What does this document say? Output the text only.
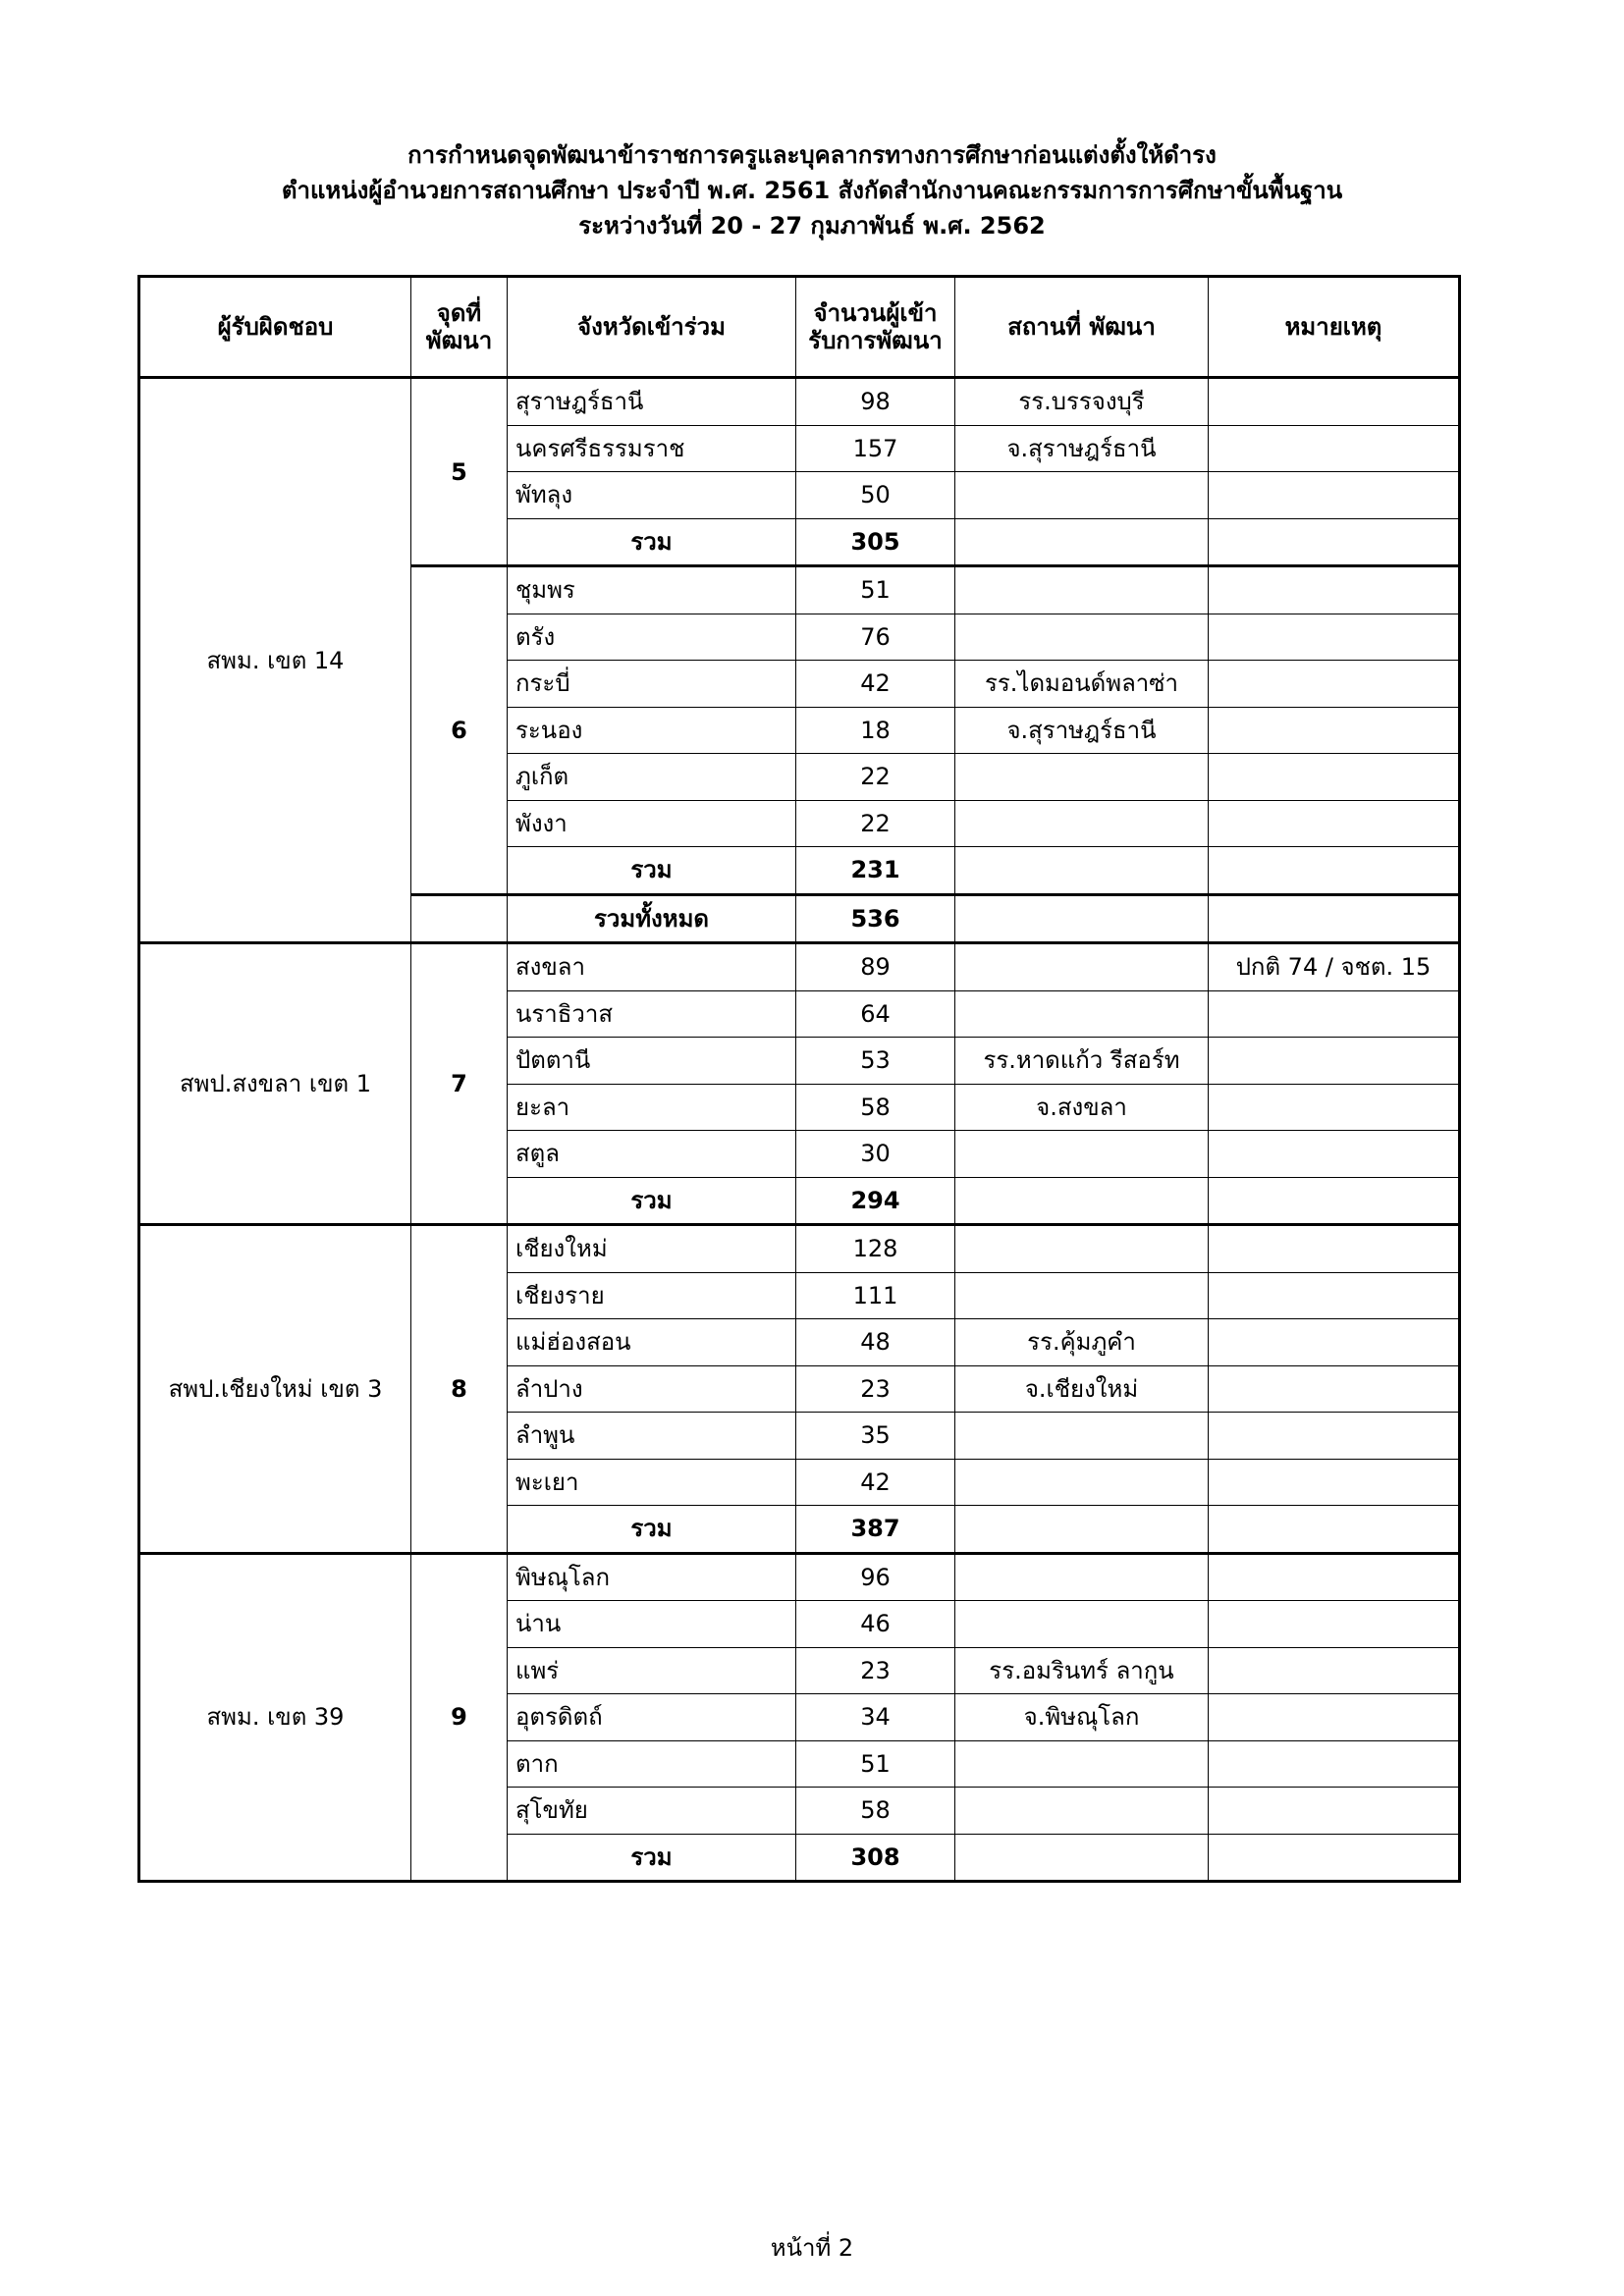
การกำหนดจุดพัฒนาข้าราชการครูและบุคลากรทางการศึกษาก่อนแต่งตั้งให้ดำรง
ตำแหน่งผู้อำนวยการสถานศึกษา ประจำปี พ.ศ. 2561 สังกัดสำนักงานคณะกรรมการการศึกษาขั้นพื้นฐาน
ระหว่างวันที่ 20 - 27 กุมภาพันธ์ พ.ศ. 2562
ผู้รับผิดชอบ	จุดที่ พัฒนา	จังหวัดเข้าร่วม	จำนวนผู้เข้า รับการพัฒนา	สถานที่ พัฒนา	หมายเหตุ
สพม. เขต 14	5	สุราษฎร์ธานี	98	รร.บรรจงบุรี	
		นครศรีธรรมราช	157	จ.สุราษฎร์ธานี	
		พัทลุง	50		
		รวม	305		
	6	ชุมพร	51		
		ตรัง	76		
		กระบี่	42	รร.ไดมอนด์พลาซ่า	
		ระนอง	18	จ.สุราษฎร์ธานี	
		ภูเก็ต	22		
		พังงา	22		
		รวม	231		
		รวมทั้งหมด	536		
สพป.สงขลา เขต 1	7	สงขลา	89		ปกติ 74 / จชต. 15
		นราธิวาส	64		
		ปัตตานี	53	รร.หาดแก้ว รีสอร์ท	
		ยะลา	58	จ.สงขลา	
		สตูล	30		
		รวม	294		
สพป.เชียงใหม่ เขต 3	8	เชียงใหม่	128		
		เชียงราย	111		
		แม่ฮ่องสอน	48	รร.คุ้มภูคำ	
		ลำปาง	23	จ.เชียงใหม่	
		ลำพูน	35		
		พะเยา	42		
		รวม	387		
สพม. เขต 39	9	พิษณุโลก	96		
		น่าน	46		
		แพร่	23	รร.อมรินทร์ ลากูน	
		อุตรดิตถ์	34	จ.พิษณุโลก	
		ตาก	51		
		สุโขทัย	58		
		รวม	308		
หน้าที่ 2
